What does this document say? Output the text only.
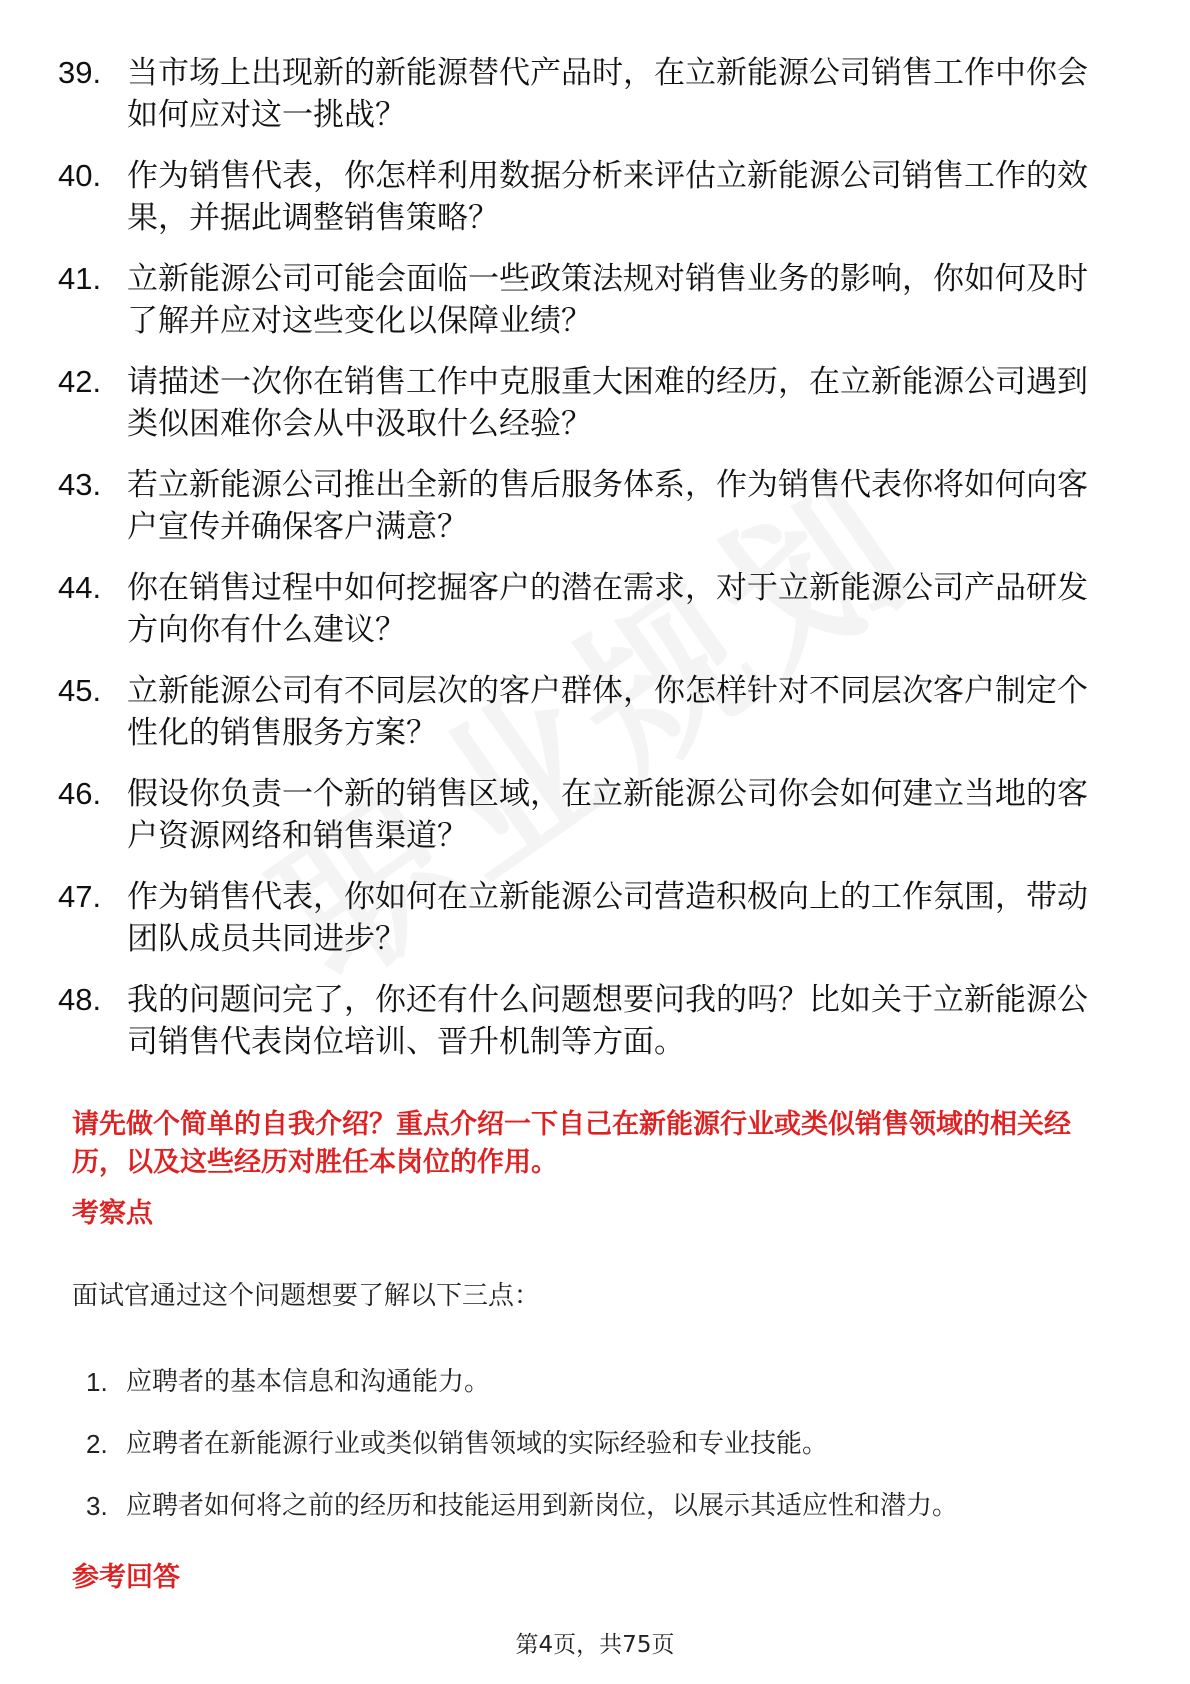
39. 当市场上出现新的新能源替代产品时，在立新能源公司销售工作中你会如何应对这一挑战？
40. 作为销售代表，你怎样利用数据分析来评估立新能源公司销售工作的效果，并据此调整销售策略？
41. 立新能源公司可能会面临一些政策法规对销售业务的影响，你如何及时了解并应对这些变化以保障业绩？
42. 请描述一次你在销售工作中克服重大困难的经历，在立新能源公司遇到类似困难你会从中汲取什么经验？
43. 若立新能源公司推出全新的售后服务体系，作为销售代表你将如何向客户宣传并确保客户满意？
44. 你在销售过程中如何挖掘客户的潜在需求，对于立新能源公司产品研发方向你有什么建议？
45. 立新能源公司有不同层次的客户群体，你怎样针对不同层次客户制定个性化的销售服务方案？
46. 假设你负责一个新的销售区域，在立新能源公司你会如何建立当地的客户资源网络和销售渠道？
47. 作为销售代表，你如何在立新能源公司营造积极向上的工作氛围，带动团队成员共同进步？
48. 我的问题问完了，你还有什么问题想要问我的吗？比如关于立新能源公司销售代表岗位培训、晋升机制等方面。
请先做个简单的自我介绍？重点介绍一下自己在新能源行业或类似销售领域的相关经历，以及这些经历对胜任本岗位的作用。
考察点
面试官通过这个问题想要了解以下三点：
1. 应聘者的基本信息和沟通能力。
2. 应聘者在新能源行业或类似销售领域的实际经验和专业技能。
3. 应聘者如何将之前的经历和技能运用到新岗位，以展示其适应性和潜力。
参考回答
第4页，共75页
